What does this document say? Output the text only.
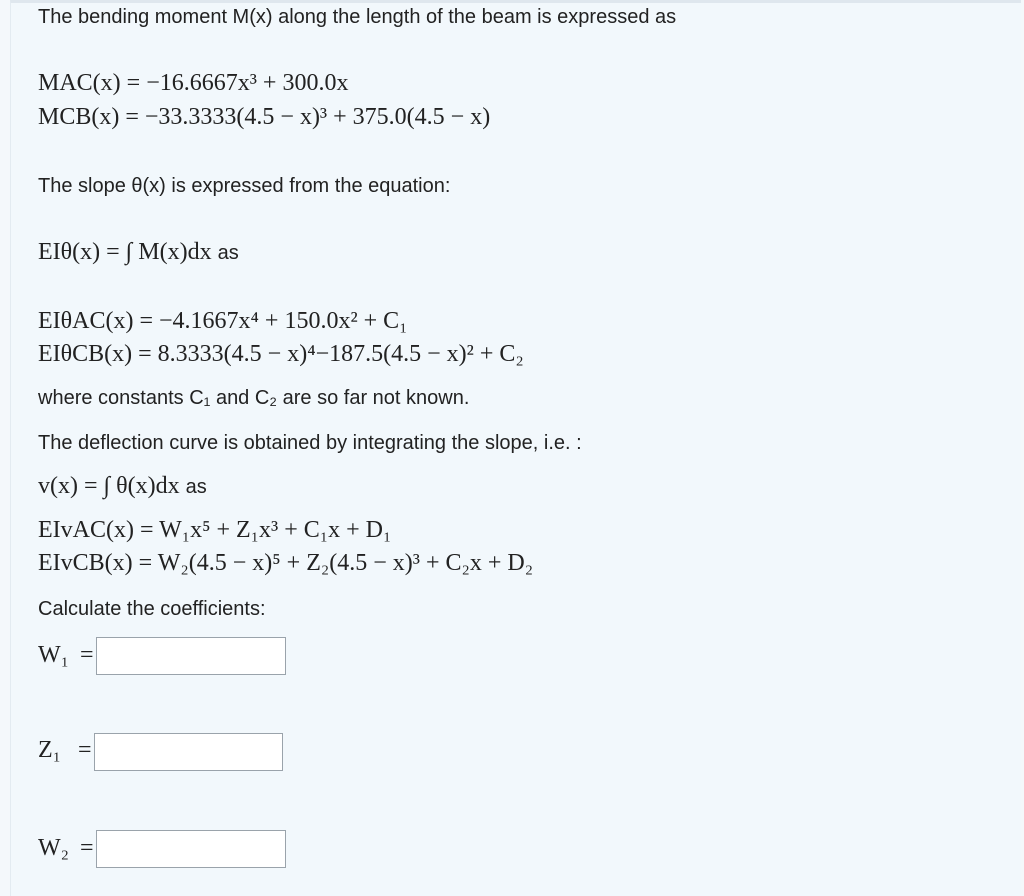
The bending moment M(x) along the length of the beam is expressed as
MAC(x) = −16.6667x³ + 300.0x
MCB(x) = −33.3333(4.5 − x)³ + 375.0(4.5 − x)
The slope θ(x) is expressed from the equation:
EIθ(x) = ∫ M(x)dx as
EIθAC(x) = −4.1667x⁴ + 150.0x² + C₁
EIθCB(x) = 8.3333(4.5 − x)⁴−187.5(4.5 − x)² + C₂
where constants C₁ and C₂ are so far not known.
The deflection curve is obtained by integrating the slope, i.e. :
v(x) = ∫ θ(x)dx as
EIvAC(x) = W₁x⁵ + Z₁x³ + C₁x + D₁
EIvCB(x) = W₂(4.5 − x)⁵ + Z₂(4.5 − x)³ + C₂x + D₂
Calculate the coefficients:
W₁ =
Z₁ =
W₂ =
